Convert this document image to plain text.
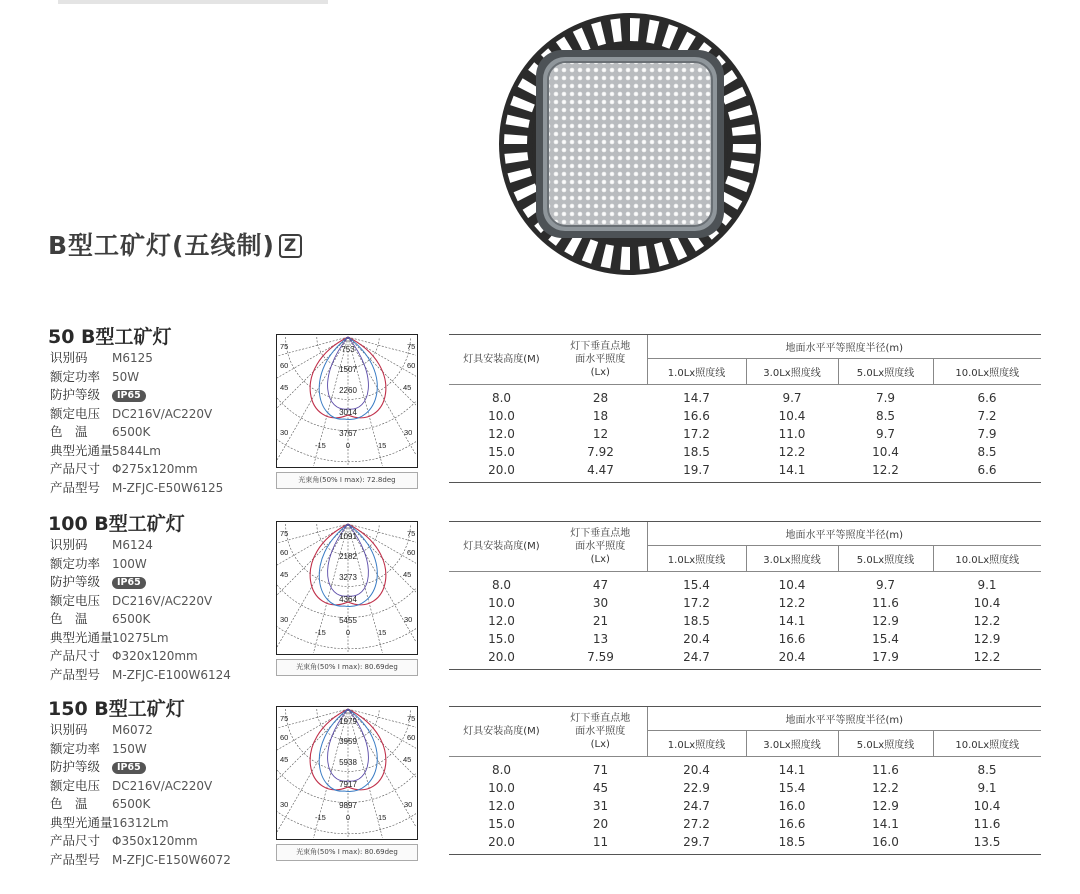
B型工矿灯(五线制) Z
50 B型工矿灯
识别码 M6125
额定功率 50W
防护等级 IP65
额定电压 DC216V/AC220V
色　温 6500K
典型光通量5844Lm
产品尺寸 Φ275x120mm
产品型号 M-ZFJC-E50W6125
753
1507
2260
3014
3767
75
60
45
30
-15
75
60
45
30
15
0
光束角(50% I max): 72.8deg
灯具安装高度(M)	灯下垂直点地面水平照度(Lx)	地面水平平等照度半径(m)			
		1.0Lx照度线	3.0Lx照度线	5.0Lx照度线	10.0Lx照度线
8.0	28	14.7	9.7	7.9	6.6
10.0	18	16.6	10.4	8.5	7.2
12.0	12	17.2	11.0	9.7	7.9
15.0	7.92	18.5	12.2	10.4	8.5
20.0	4.47	19.7	14.1	12.2	6.6
100 B型工矿灯
识别码 M6124
额定功率 100W
防护等级 IP65
额定电压 DC216V/AC220V
色　温 6500K
典型光通量10275Lm
产品尺寸 Φ320x120mm
产品型号 M-ZFJC-E100W6124
1091
2182
3273
4364
5455
75
60
45
30
-15
75
60
45
30
15
0
光束角(50% I max): 80.69deg
灯具安装高度(M)	灯下垂直点地面水平照度(Lx)	地面水平平等照度半径(m)			
		1.0Lx照度线	3.0Lx照度线	5.0Lx照度线	10.0Lx照度线
8.0	47	15.4	10.4	9.7	9.1
10.0	30	17.2	12.2	11.6	10.4
12.0	21	18.5	14.1	12.9	12.2
15.0	13	20.4	16.6	15.4	12.9
20.0	7.59	24.7	20.4	17.9	12.2
150 B型工矿灯
识别码 M6072
额定功率 150W
防护等级 IP65
额定电压 DC216V/AC220V
色　温 6500K
典型光通量16312Lm
产品尺寸 Φ350x120mm
产品型号 M-ZFJC-E150W6072
1979
3959
5938
7917
9897
75
60
45
30
-15
75
60
45
30
15
0
光束角(50% I max): 80.69deg
灯具安装高度(M)	灯下垂直点地面水平照度(Lx)	地面水平平等照度半径(m)			
		1.0Lx照度线	3.0Lx照度线	5.0Lx照度线	10.0Lx照度线
8.0	71	20.4	14.1	11.6	8.5
10.0	45	22.9	15.4	12.2	9.1
12.0	31	24.7	16.0	12.9	10.4
15.0	20	27.2	16.6	14.1	11.6
20.0	11	29.7	18.5	16.0	13.5
